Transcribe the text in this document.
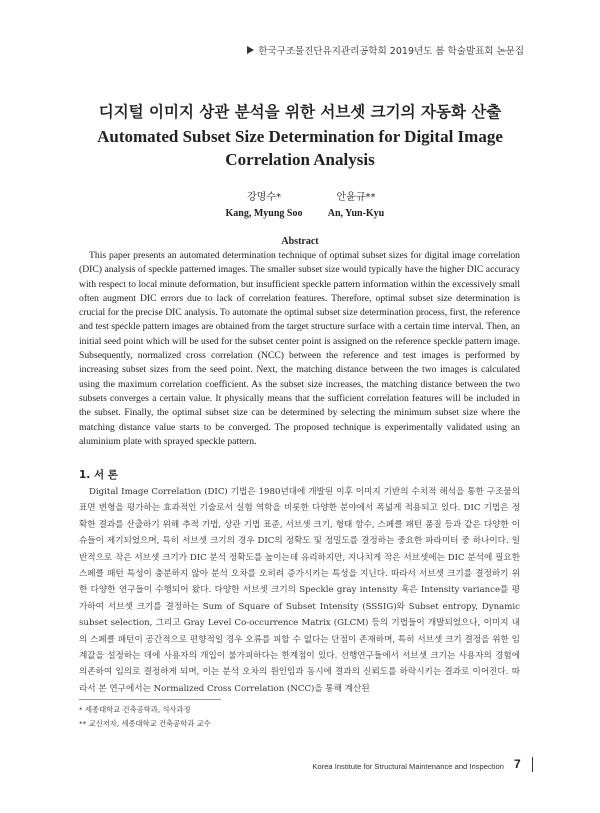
한국구조물진단유지관리공학회 2019년도 봄 학술발표회 논문집
디지털 이미지 상관 분석을 위한 서브셋 크기의 자동화 산출
Automated Subset Size Determination for Digital Image Correlation Analysis
강명수*
Kang, Myung Soo
안윤규**
An, Yun-Kyu
Abstract

This paper presents an automated determination technique of optimal subset sizes for digital image correlation (DIC) analysis of speckle patterned images. The smaller subset size would typically have the higher DIC accuracy with respect to local minute deformation, but insufficient speckle pattern information within the excessively small often augment DIC errors due to lack of correlation features. Therefore, optimal subset size determination is crucial for the precise DIC analysis. To automate the optimal subset size determination process, first, the reference and test speckle pattern images are obtained from the target structure surface with a certain time interval. Then, an initial seed point which will be used for the subset center point is assigned on the reference speckle pattern image. Subsequently, normalized cross correlation (NCC) between the reference and test images is performed by increasing subset sizes from the seed point. Next, the matching distance between the two images is calculated using the maximum correlation coefficient. As the subset size increases, the matching distance between the two subsets converges a certain value. It physically means that the sufficient correlation features will be included in the subset. Finally, the optimal subset size can be determined by selecting the minimum subset size where the matching distance value starts to be converged. The proposed technique is experimentally validated using an aluminium plate with sprayed speckle pattern.

1. 서 론

Digital Image Correlation (DIC) 기법은 1980년대에 개발된 이후 이미지 기반의 수치적 해석을 통한 구조물의 표면 변형을 평가하는 효과적인 기술로서 실험 역학을 비롯한 다양한 분야에서 폭넓게 적용되고 있다. DIC 기법은 정확한 결과를 산출하기 위해 추적 기법, 상관 기법 표준, 서브셋 크기, 형태 함수, 스페클 패턴 품질 등과 같은 다양한 이슈들이 제기되었으며, 특히 서브셋 크기의 경우 DIC의 정확도 및 정밀도를 결정하는 중요한 파라미터 중 하나이다. 일반적으로 작은 서브셋 크기가 DIC 분석 정확도를 높이는데 유리하지만, 지나치게 작은 서브셋에는 DIC 분석에 필요한 스페클 패턴 특성이 충분하지 않아 분석 오차를 오히려 증가시키는 특성을 지닌다. 따라서 서브셋 크기를 결정하기 위한 다양한 연구들이 수행되어 왔다. 다양한 서브셋 크기의 Speckle gray intensity 혹은 Intensity variance를 평가하여 서브셋 크기를 결정하는 Sum of Square of Subset Intensity (SSSIG)와 Subset entropy, Dynamic subset selection, 그리고 Gray Level Co-occurrence Matrix (GLCM) 등의 기법들이 개발되었으나, 이미지 내의 스페클 패턴이 공간적으로 편향적일 경우 오류를 피할 수 없다는 단점이 존재하며, 특히 서브셋 크기 결정을 위한 임계값을 설정하는 데에 사용자의 개입이 불가피하다는 한계점이 있다. 선행연구들에서 서브셋 크기는 사용자의 경험에 의존하여 임의로 결정하게 되며, 이는 분석 오차의 원인임과 동시에 결과의 신뢰도를 하락시키는 결과로 이어진다. 따라서 본 연구에서는 Normalized Cross Correlation (NCC)을 통해 계산된

* 세종대학교 건축공학과, 석사과정
** 교신저자, 세종대학교 건축공학과 교수
Korea Institute for Structural Maintenance and Inspection 7
